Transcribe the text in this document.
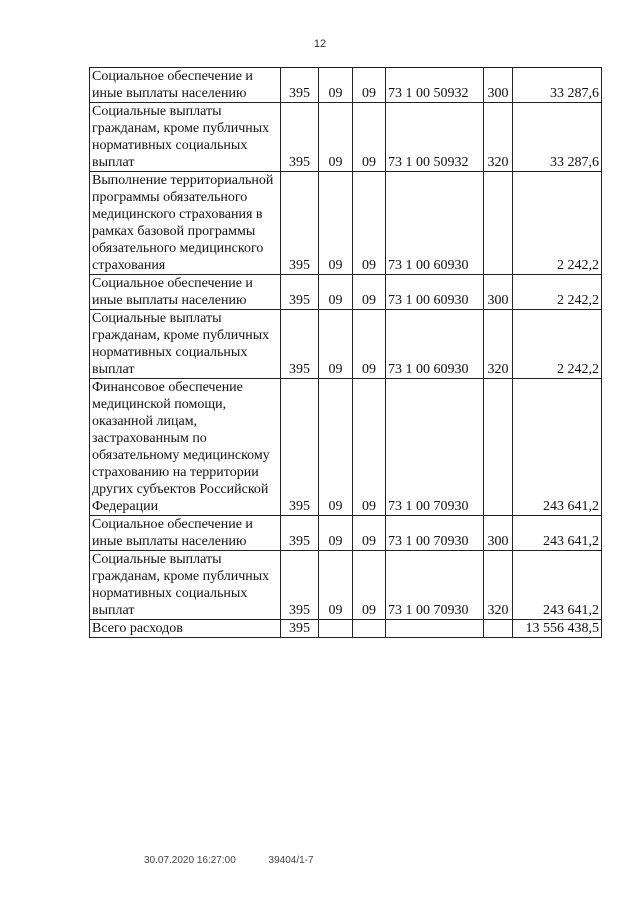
12
Социальное обеспечение и иные выплаты населению	395	09	09	73 1 00 50932	300	33 287,6
Социальные выплаты гражданам, кроме публичных нормативных социальных выплат	395	09	09	73 1 00 50932	320	33 287,6
Выполнение территориальной программы обязательного медицинского страхования в рамках базовой программы обязательного медицинского страхования	395	09	09	73 1 00 60930		2 242,2
Социальное обеспечение и иные выплаты населению	395	09	09	73 1 00 60930	300	2 242,2
Социальные выплаты гражданам, кроме публичных нормативных социальных выплат	395	09	09	73 1 00 60930	320	2 242,2
Финансовое обеспечение медицинской помощи, оказанной лицам, застрахованным по обязательному медицинскому страхованию на территории других субъектов Российской Федерации	395	09	09	73 1 00 70930		243 641,2
Социальное обеспечение и иные выплаты населению	395	09	09	73 1 00 70930	300	243 641,2
Социальные выплаты гражданам, кроме публичных нормативных социальных выплат	395	09	09	73 1 00 70930	320	243 641,2
Всего расходов	395					13 556 438,5
30.07.2020 16:27:00	39404/1-7
